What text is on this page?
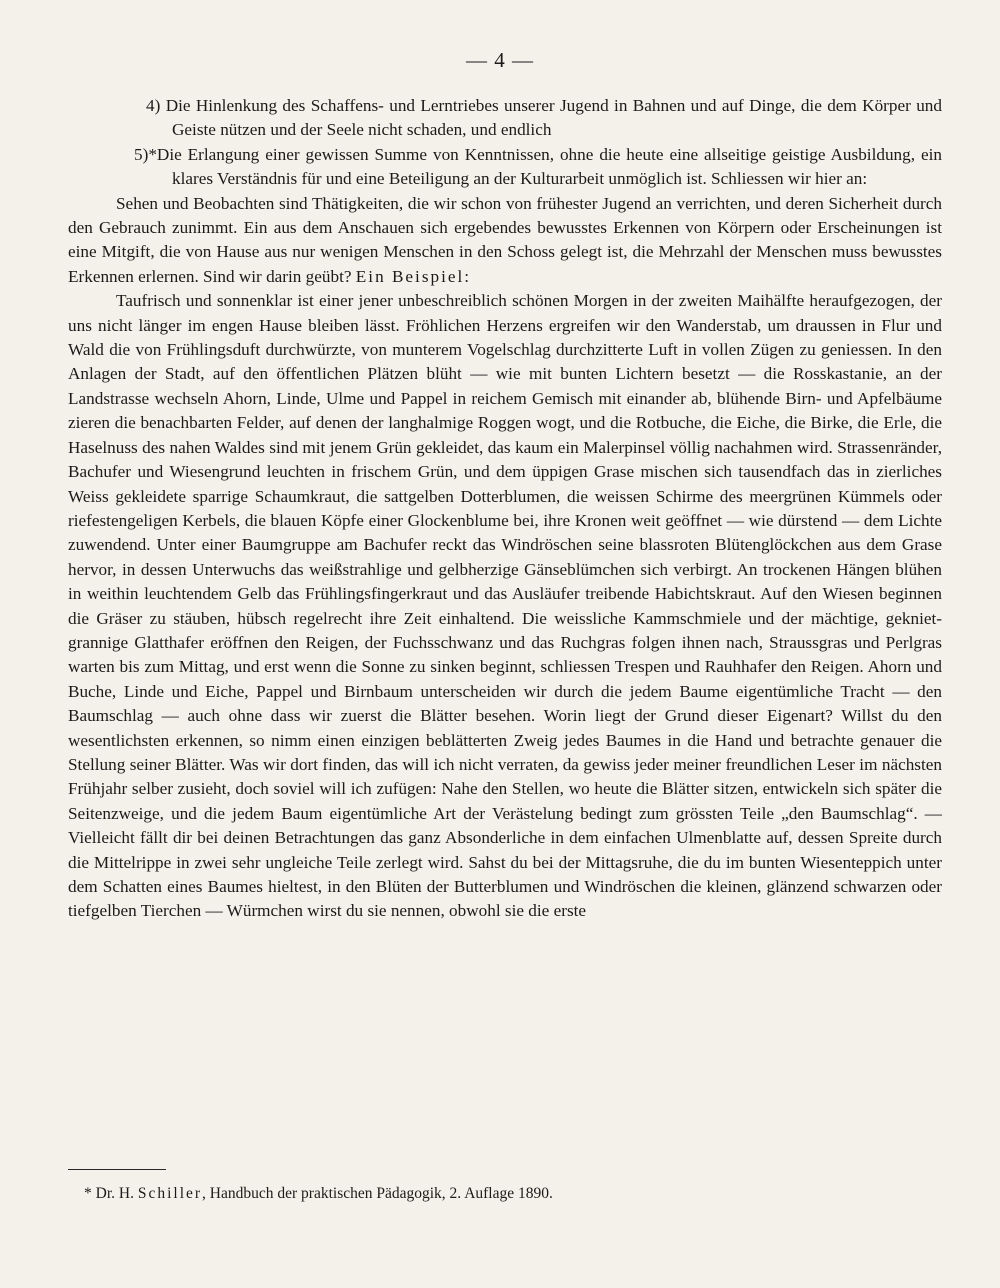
— 4 —

4) Die Hinlenkung des Schaffens- und Lerntriebes unserer Jugend in Bahnen und auf Dinge, die dem Körper und Geiste nützen und der Seele nicht schaden, und endlich

5)*Die Erlangung einer gewissen Summe von Kenntnissen, ohne die heute eine allseitige geistige Ausbildung, ein klares Verständnis für und eine Beteiligung an der Kulturarbeit unmöglich ist. Schliessen wir hier an:

Sehen und Beobachten sind Thätigkeiten, die wir schon von frühester Jugend an verrichten, und deren Sicherheit durch den Gebrauch zunimmt. Ein aus dem Anschauen sich ergebendes bewusstes Erkennen von Körpern oder Erscheinungen ist eine Mitgift, die von Hause aus nur wenigen Menschen in den Schoss gelegt ist, die Mehrzahl der Menschen muss bewusstes Erkennen erlernen. Sind wir darin geübt? Ein Beispiel:

Taufrisch und sonnenklar ist einer jener unbeschreiblich schönen Morgen in der zweiten Maihälfte heraufgezogen, der uns nicht länger im engen Hause bleiben lässt. Fröhlichen Herzens ergreifen wir den Wanderstab, um draussen in Flur und Wald die von Frühlingsduft durchwürzte, von munterem Vogelschlag durchzitterte Luft in vollen Zügen zu geniessen. In den Anlagen der Stadt, auf den öffentlichen Plätzen blüht — wie mit bunten Lichtern besetzt — die Rosskastanie, an der Landstrasse wechseln Ahorn, Linde, Ulme und Pappel in reichem Gemisch mit einander ab, blühende Birn- und Apfelbäume zieren die benachbarten Felder, auf denen der langhalmige Roggen wogt, und die Rotbuche, die Eiche, die Birke, die Erle, die Haselnuss des nahen Waldes sind mit jenem Grün gekleidet, das kaum ein Malerpinsel völlig nachahmen wird. Strassenränder, Bachufer und Wiesengrund leuchten in frischem Grün, und dem üppigen Grase mischen sich tausendfach das in zierliches Weiss gekleidete sparrige Schaumkraut, die sattgelben Dotterblumen, die weissen Schirme des meergrünen Kümmels oder riefestengeligen Kerbels, die blauen Köpfe einer Glockenblume bei, ihre Kronen weit geöffnet — wie dürstend — dem Lichte zuwendend. Unter einer Baumgruppe am Bachufer reckt das Windröschen seine blassroten Blütenglöckchen aus dem Grase hervor, in dessen Unterwuchs das weißstrahlige und gelbherzige Gänseblümchen sich verbirgt. An trockenen Hängen blühen in weithin leuchtendem Gelb das Frühlingsfingerkraut und das Ausläufer treibende Habichtskraut. Auf den Wiesen beginnen die Gräser zu stäuben, hübsch regelrecht ihre Zeit einhaltend. Die weissliche Kammschmiele und der mächtige, gekniet-grannige Glatthafer eröffnen den Reigen, der Fuchsschwanz und das Ruchgras folgen ihnen nach, Straussgras und Perlgras warten bis zum Mittag, und erst wenn die Sonne zu sinken beginnt, schliessen Trespen und Rauhhafer den Reigen. Ahorn und Buche, Linde und Eiche, Pappel und Birnbaum unterscheiden wir durch die jedem Baume eigentümliche Tracht — den Baumschlag — auch ohne dass wir zuerst die Blätter besehen. Worin liegt der Grund dieser Eigenart? Willst du den wesentlichsten erkennen, so nimm einen einzigen beblätterten Zweig jedes Baumes in die Hand und betrachte genauer die Stellung seiner Blätter. Was wir dort finden, das will ich nicht verraten, da gewiss jeder meiner freundlichen Leser im nächsten Frühjahr selber zusieht, doch soviel will ich zufügen: Nahe den Stellen, wo heute die Blätter sitzen, entwickeln sich später die Seitenzweige, und die jedem Baum eigentümliche Art der Verästelung bedingt zum grössten Teile „den Baumschlag“. — Vielleicht fällt dir bei deinen Betrachtungen das ganz Absonderliche in dem einfachen Ulmenblatte auf, dessen Spreite durch die Mittelrippe in zwei sehr ungleiche Teile zerlegt wird. Sahst du bei der Mittagsruhe, die du im bunten Wiesenteppich unter dem Schatten eines Baumes hieltest, in den Blüten der Butterblumen und Windröschen die kleinen, glänzend schwarzen oder tiefgelben Tierchen — Würmchen wirst du sie nennen, obwohl sie die erste

* Dr. H. Schiller, Handbuch der praktischen Pädagogik, 2. Auflage 1890.
